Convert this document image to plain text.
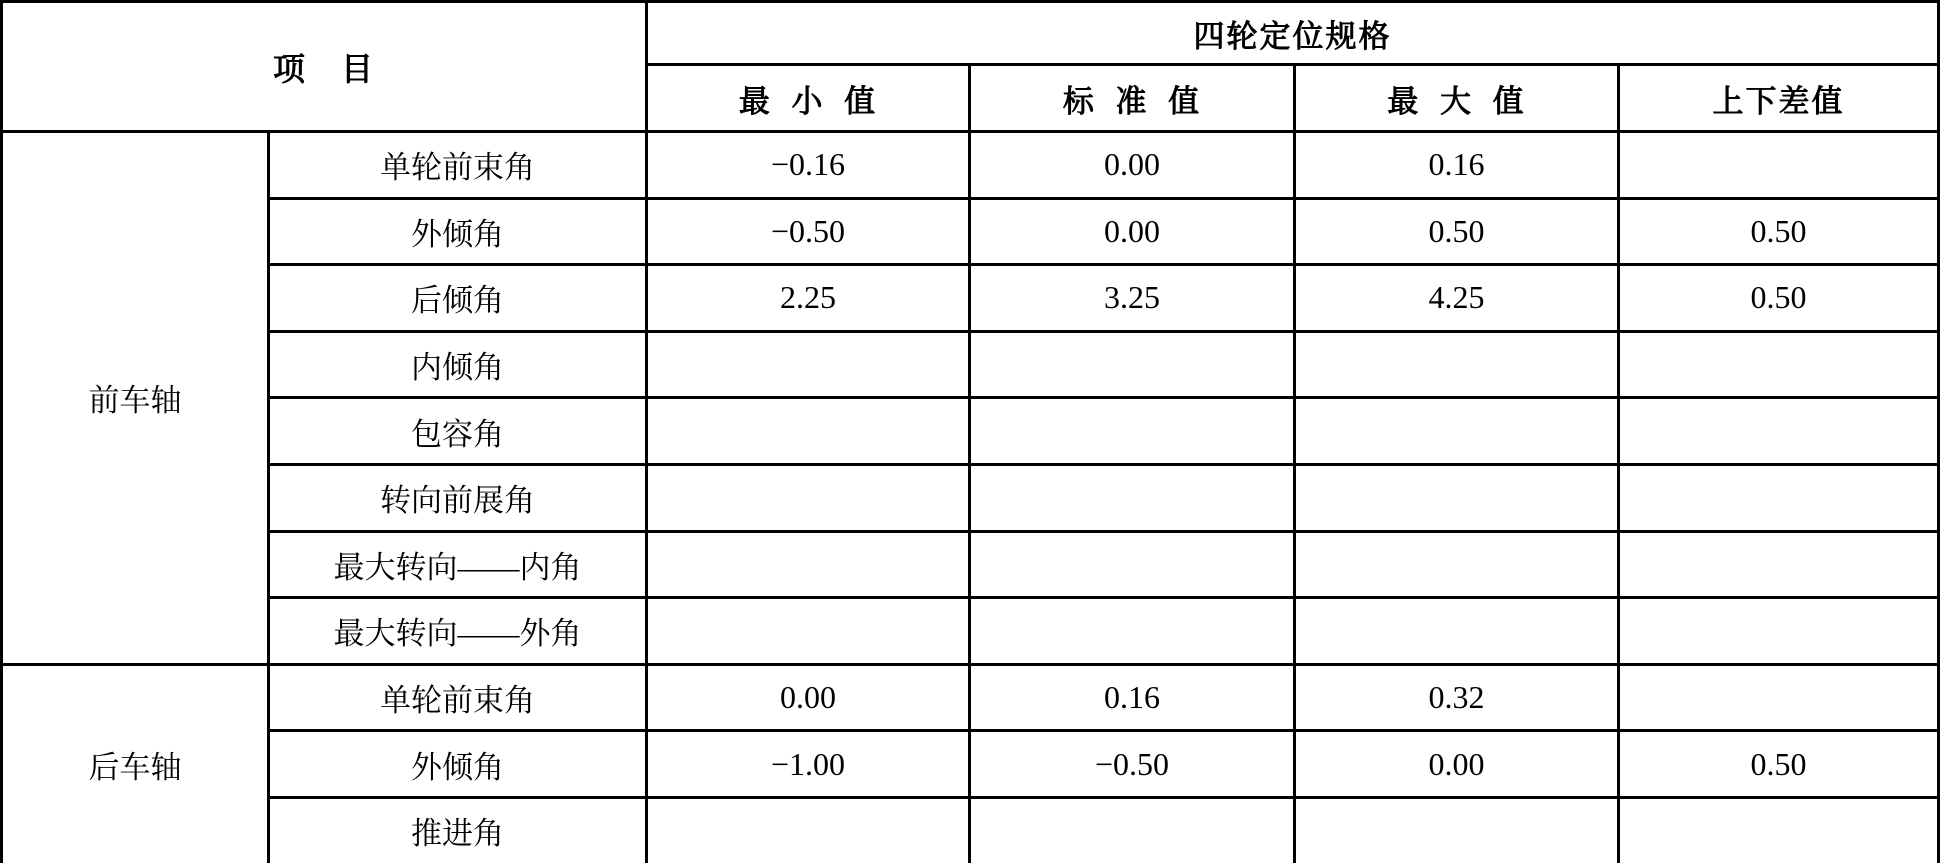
项　目		四轮定位规格			
		最 小 值	标 准 值	最 大 值	上下差值
前车轴	单轮前束角	−0.16	0.00	0.16	
	外倾角	−0.50	0.00	0.50	0.50
	后倾角	2.25	3.25	4.25	0.50
	内倾角				
	包容角				
	转向前展角				
	最大转向——内角				
	最大转向——外角				
后车轴	单轮前束角	0.00	0.16	0.32	
	外倾角	−1.00	−0.50	0.00	0.50
	推进角				
